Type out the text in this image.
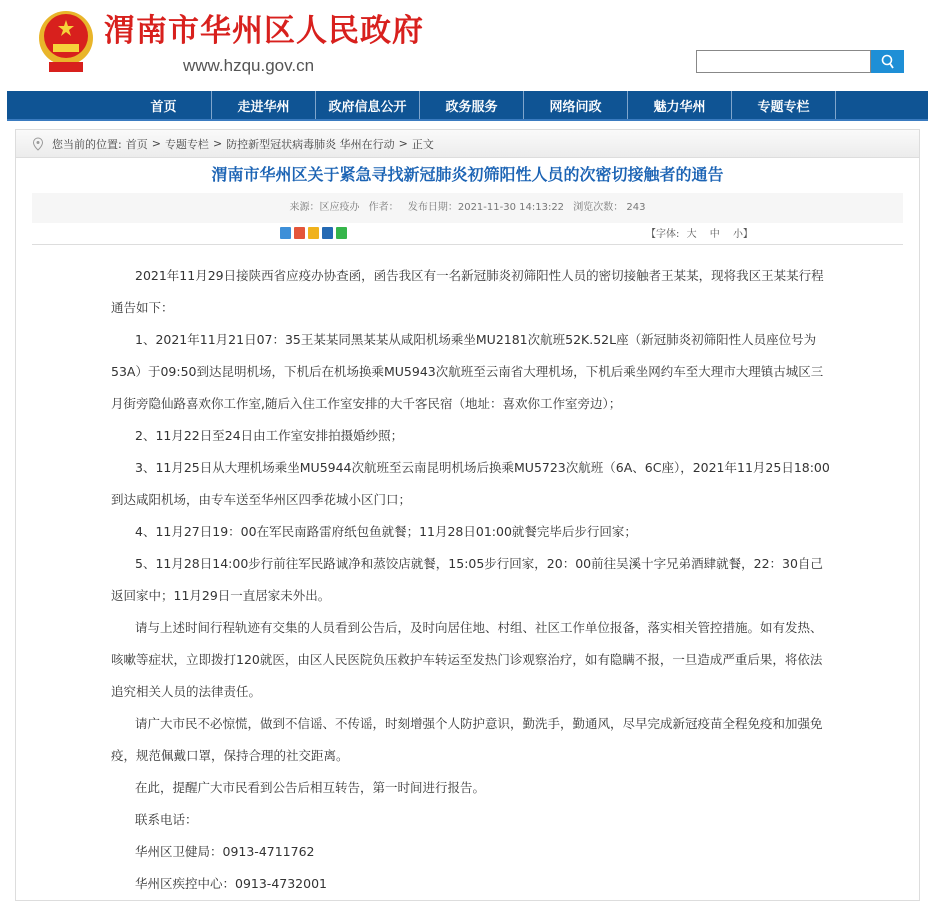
渭南市华州区人民政府
www.hzqu.gov.cn
首页	走进华州	政府信息公开	政务服务	网络问政	魅力华州	专题专栏
您当前的位置: 首页 > 专题专栏 > 防控新型冠状病毒肺炎 华州在行动 > 正文
渭南市华州区关于紧急寻找新冠肺炎初筛阳性人员的次密切接触者的通告
来源：区应疫办 作者： 发布日期：2021-11-30 14:13:22 浏览次数： 243
【字体: 大 中 小】

2021年11月29日接陕西省应疫办协查函，函告我区有一名新冠肺炎初筛阳性人员的密切接触者王某某，现将我区王某某行程通告如下：

1、2021年11月21日07：35王某某同黑某某从咸阳机场乘坐MU2181次航班52K.52L座（新冠肺炎初筛阳性人员座位号为53A）于09:50到达昆明机场，下机后在机场换乘MU5943次航班至云南省大理机场，下机后乘坐网约车至大理市大理镇古城区三月街旁隐仙路喜欢你工作室,随后入住工作室安排的大千客民宿（地址：喜欢你工作室旁边）；

2、11月22日至24日由工作室安排拍摄婚纱照；

3、11月25日从大理机场乘坐MU5944次航班至云南昆明机场后换乘MU5723次航班（6A、6C座），2021年11月25日18:00到达咸阳机场，由专车送至华州区四季花城小区门口；

4、11月27日19：00在军民南路雷府纸包鱼就餐；11月28日01:00就餐完毕后步行回家；

5、11月28日14:00步行前往军民路诚净和蒸饺店就餐，15:05步行回家，20：00前往吴溪十字兄弟酒肆就餐，22：30自己返回家中；11月29日一直居家未外出。

请与上述时间行程轨迹有交集的人员看到公告后，及时向居住地、村组、社区工作单位报备，落实相关管控措施。如有发热、咳嗽等症状，立即拨打120就医，由区人民医院负压救护车转运至发热门诊观察治疗，如有隐瞒不报，一旦造成严重后果，将依法追究相关人员的法律责任。

请广大市民不必惊慌，做到不信谣、不传谣，时刻增强个人防护意识，勤洗手，勤通风，尽早完成新冠疫苗全程免疫和加强免疫，规范佩戴口罩，保持合理的社交距离。

在此，提醒广大市民看到公告后相互转告，第一时间进行报告。

联系电话：

华州区卫健局：0913-4711762

华州区疾控中心：0913-4732001
